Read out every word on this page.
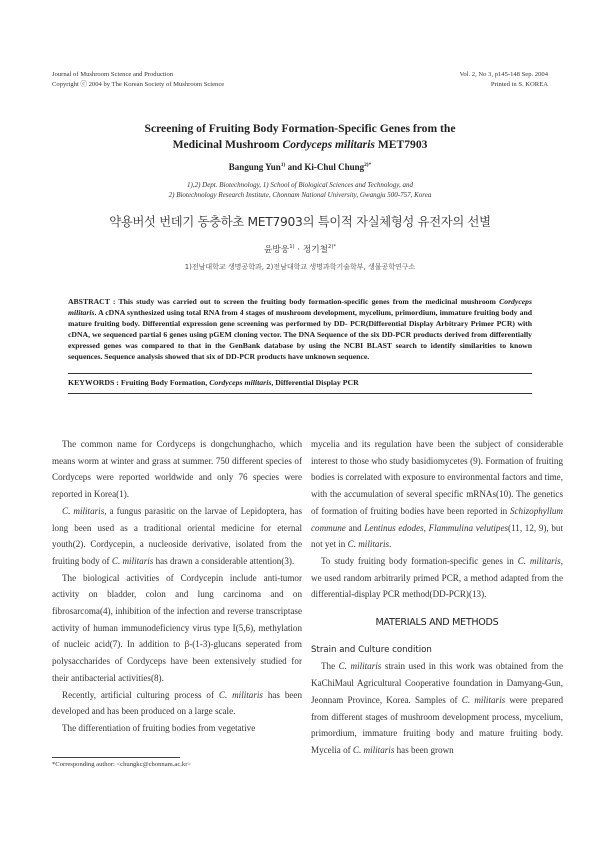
Journal of Mushroom Science and Production
Copyright ⓒ 2004 by The Korean Society of Mushroom Science
Vol. 2, No 3, p145-148 Sep. 2004
Printed in S. KOREA
Screening of Fruiting Body Formation-Specific Genes from the
Medicinal Mushroom Cordyceps militaris MET7903
Bangung Yun$^{1)}$ and Ki-Chul Chung$^{2)*}$
1),2) Dept. Biotechnology, 1) School of Biological Sciences and Technology, and
2) Biotechnology Research Institute, Chonnam National University, Gwangju 500-757, Korea
약용버섯 번데기 동충하초 MET7903의 특이적 자실체형성 유전자의 선별
윤방웅$^{1)}$ · 정기철$^{2)*}$
1)전남대학교 생명공학과, 2)전남대학교 생명과학기술학부, 생물공학연구소
ABSTRACT : This study was carried out to screen the fruiting body formation-specific genes from the medicinal mushroom Cordyceps militaris. A cDNA synthesized using total RNA from 4 stages of mushroom development, mycelium, primordium, immature fruiting body and mature fruiting body. Differential expression gene screening was performed by DD- PCR(Differential Display Arbitrary Primer PCR) with cDNA, we sequenced partial 6 genes using pGEM cloning vector. The DNA Sequence of the six DD-PCR products derived from differentially expressed genes was compared to that in the GenBank database by using the NCBI BLAST search to identify similarities to known sequences. Sequence analysis showed that six of DD-PCR products have unknown sequence.
KEYWORDS : Fruiting Body Formation, Cordyceps militaris, Differential Display PCR

The common name for Cordyceps is dongchunghacho, which means worm at winter and grass at summer. 750 different species of Cordyceps were reported worldwide and only 76 species were reported in Korea(1).

C. militaris, a fungus parasitic on the larvae of Lepidoptera, has long been used as a traditional oriental medicine for eternal youth(2). Cordycepin, a nucleoside derivative, isolated from the fruiting body of C. militaris has drawn a considerable attention(3).

The biological activities of Cordycepin include anti-tumor activity on bladder, colon and lung carcinoma and on fibrosarcoma(4), inhibition of the infection and reverse transcriptase activity of human immunodeficiency virus type I(5,6), methylation of nucleic acid(7). In addition to β-(1-3)-glucans seperated from polysaccharides of Cordyceps have been extensively studied for their antibacterial activities(8).

Recently, artificial culturing process of C. militaris has been developed and has been produced on a large scale.

The differentiation of fruiting bodies from vegetative

mycelia and its regulation have been the subject of considerable interest to those who study basidiomycetes (9). Formation of fruiting bodies is correlated with exposure to environmental factors and time, with the accumulation of several specific mRNAs(10). The genetics of formation of fruiting bodies have been reported in Schizophyllum commune and Lentinus edodes, Flammulina velutipes(11, 12, 9), but not yet in C. militaris.

To study fruiting body formation-specific genes in C. militaris, we used random arbitrarily primed PCR, a method adapted from the differential-display PCR method(DD-PCR)(13).

MATERIALS AND METHODS

Strain and Culture condition

The C. militaris strain used in this work was obtained from the KaChiMaul Agricultural Cooperative foundation in Damyang-Gun, Jeonnam Province, Korea. Samples of C. militaris were prepared from different stages of mushroom development process, mycelium, primordium, immature fruiting body and mature fruiting body. Mycelia of C. militaris has been grown

*Corresponding author: <chungkc@chonnam.ac.kr>
